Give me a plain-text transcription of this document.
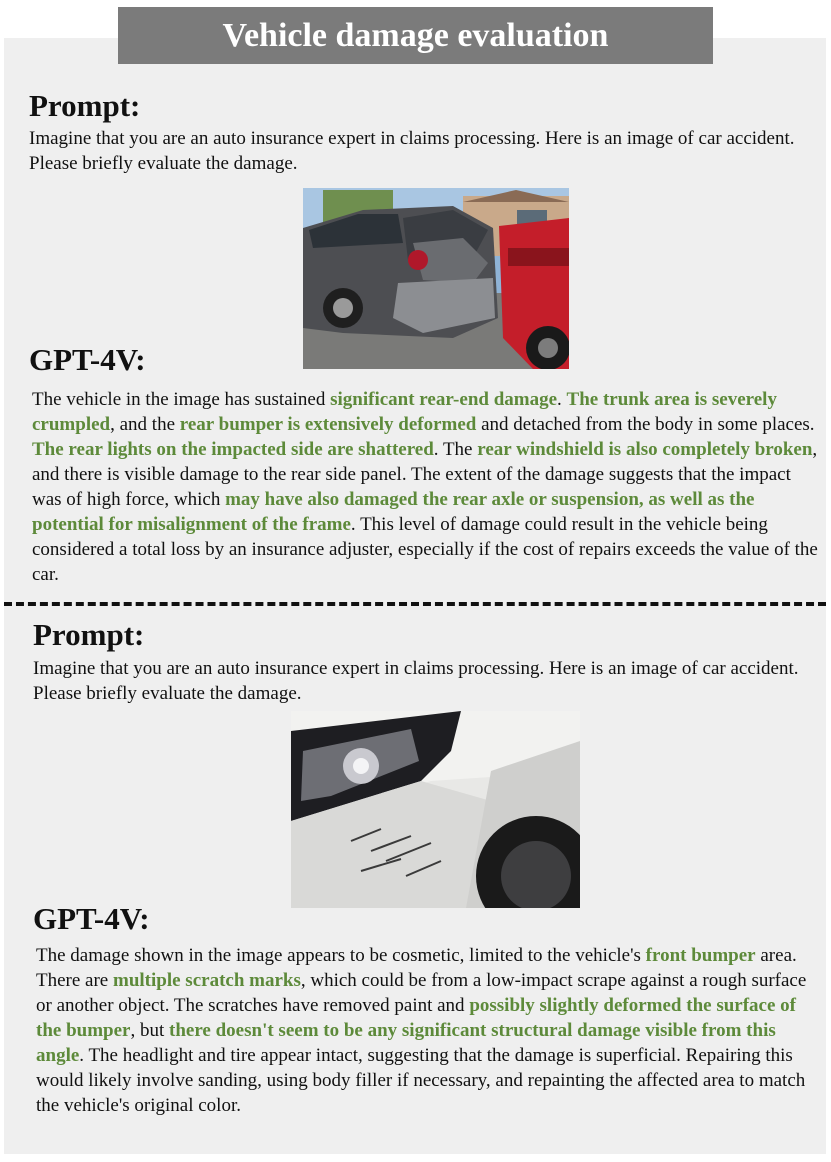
Vehicle damage evaluation
Prompt:

Imagine that you are an auto insurance expert in claims processing. Here is an image of car accident. Please briefly evaluate the damage.

GPT-4V:

The vehicle in the image has sustained significant rear-end damage. The trunk area is severely crumpled, and the rear bumper is extensively deformed and detached from the body in some places. The rear lights on the impacted side are shattered. The rear windshield is also completely broken, and there is visible damage to the rear side panel. The extent of the damage suggests that the impact was of high force, which may have also damaged the rear axle or suspension, as well as the potential for misalignment of the frame. This level of damage could result in the vehicle being considered a total loss by an insurance adjuster, especially if the cost of repairs exceeds the value of the car.

Prompt:

Imagine that you are an auto insurance expert in claims processing. Here is an image of car accident. Please briefly evaluate the damage.

GPT-4V:

The damage shown in the image appears to be cosmetic, limited to the vehicle's front bumper area. There are multiple scratch marks, which could be from a low-impact scrape against a rough surface or another object. The scratches have removed paint and possibly slightly deformed the surface of the bumper, but there doesn't seem to be any significant structural damage visible from this angle. The headlight and tire appear intact, suggesting that the damage is superficial. Repairing this would likely involve sanding, using body filler if necessary, and repainting the affected area to match the vehicle's original color.
